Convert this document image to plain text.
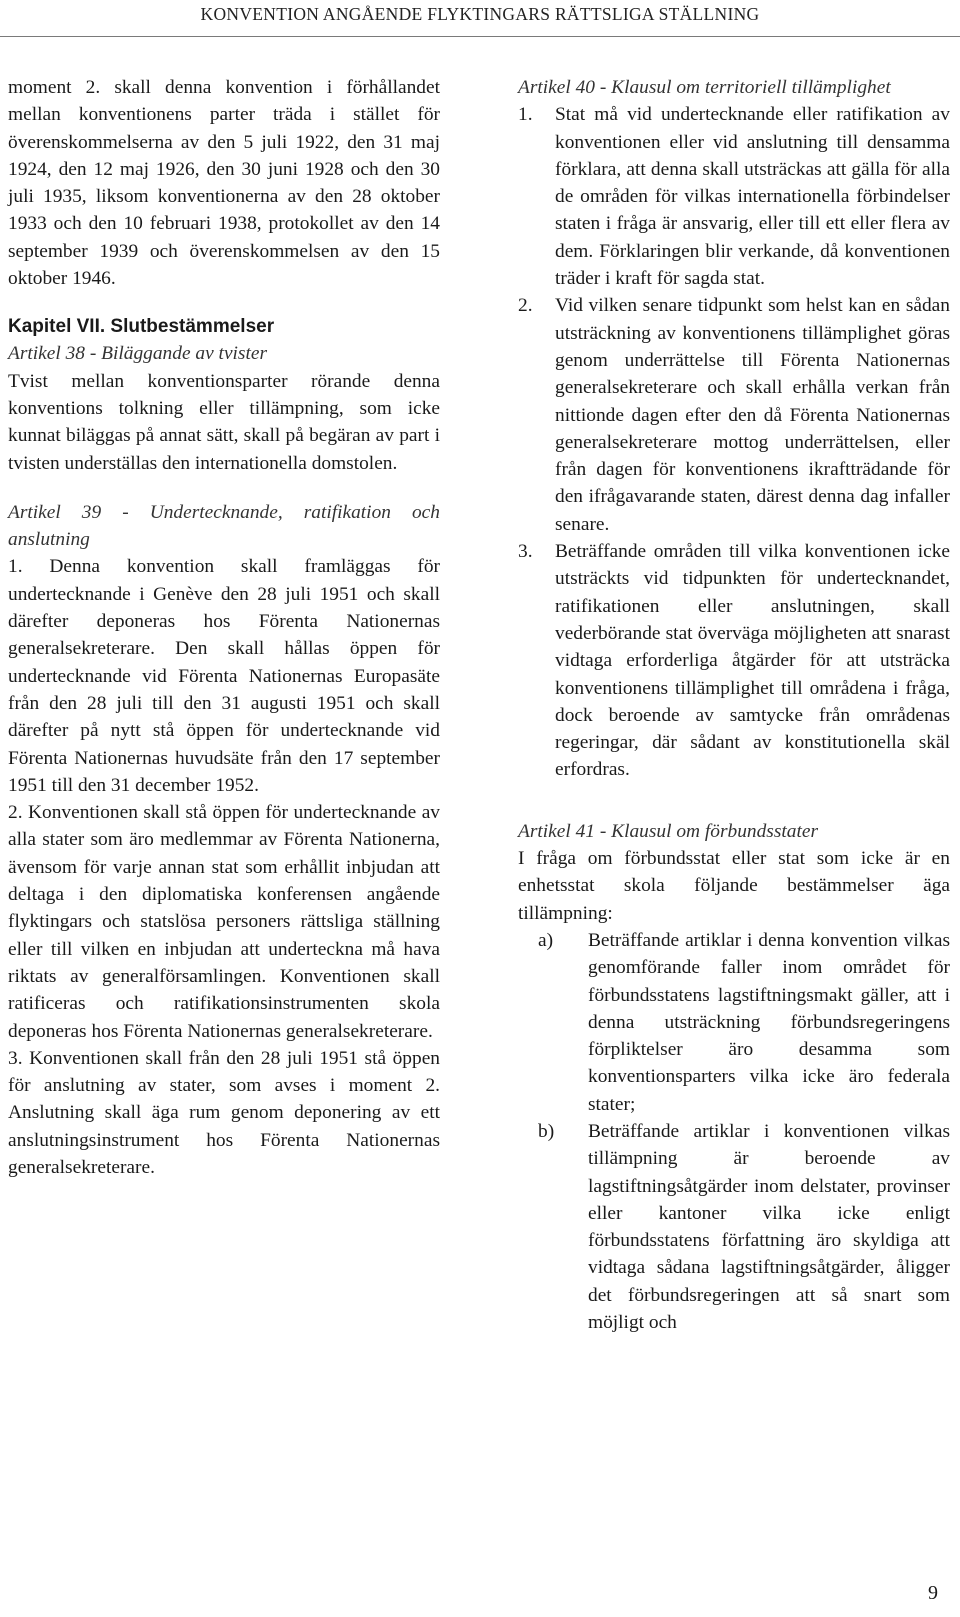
KONVENTION ANGÅENDE FLYKTINGARS RÄTTSLIGA STÄLLNING

moment 2. skall denna konvention i förhållandet mellan konventionens parter träda i stället för överenskommelserna av den 5 juli 1922, den 31 maj 1924, den 12 maj 1926, den 30 juni 1928 och den 30 juli 1935, liksom konventionerna av den 28 oktober 1933 och den 10 februari 1938, protokollet av den 14 september 1939 och överenskommelsen av den 15 oktober 1946.

Kapitel VII. Slutbestämmelser

Artikel 38 - Biläggande av tvister

Tvist mellan konventionsparter rörande denna konventions tolkning eller tillämpning, som icke kunnat biläggas på annat sätt, skall på begäran av part i tvisten underställas den internationella domstolen.

Artikel 39 - Undertecknande, ratifikation och anslutning

1. Denna konvention skall framläggas för undertecknande i Genève den 28 juli 1951 och skall därefter deponeras hos Förenta Nationernas generalsekreterare. Den skall hållas öppen för undertecknande vid Förenta Nationernas Europasäte från den 28 juli till den 31 augusti 1951 och skall därefter på nytt stå öppen för undertecknande vid Förenta Nationernas huvudsäte från den 17 september 1951 till den 31 december 1952.
2. Konventionen skall stå öppen för undertecknande av alla stater som äro medlemmar av Förenta Nationerna, ävensom för varje annan stat som erhållit inbjudan att deltaga i den diplomatiska konferensen angående flyktingars och statslösa personers rättsliga ställning eller till vilken en inbjudan att underteckna må hava riktats av generalförsamlingen. Konventionen skall ratificeras och ratifikationsinstrumenten skola deponeras hos Förenta Nationernas generalsekreterare.
3. Konventionen skall från den 28 juli 1951 stå öppen för anslutning av stater, som avses i moment 2. Anslutning skall äga rum genom deponering av ett anslutningsinstrument hos Förenta Nationernas generalsekreterare.

Artikel 40 - Klausul om territoriell tillämplighet

1.	Stat må vid undertecknande eller ratifikation av konventionen eller vid anslutning till densamma förklara, att denna skall utsträckas att gälla för alla de områden för vilkas internationella förbindelser staten i fråga är ansvarig, eller till ett eller flera av dem. Förklaringen blir verkande, då konventionen träder i kraft för sagda stat.
2.	Vid vilken senare tidpunkt som helst kan en sådan utsträckning av konventionens tillämplighet göras genom underrättelse till Förenta Nationernas generalsekreterare och skall erhålla verkan från nittionde dagen efter den då Förenta Nationernas generalsekreterare mottog underrättelsen, eller från dagen för konventionens ikraftträdande för den ifrågavarande staten, därest denna dag infaller senare.
3.	Beträffande områden till vilka konventionen icke utsträckts vid tidpunkten för undertecknandet, ratifikationen eller anslutningen, skall vederbörande stat överväga möjligheten att snarast vidtaga erforderliga åtgärder för att utsträcka konventionens tillämplighet till områdena i fråga, dock beroende av samtycke från områdenas regeringar, där sådant av konstitutionella skäl erfordras.

Artikel 41 - Klausul om förbundsstater

I fråga om förbundsstat eller stat som icke är en enhetsstat skola följande bestämmelser äga tillämpning:

a)	Beträffande artiklar i denna konvention vilkas genomförande faller inom området för förbundsstatens lagstiftningsmakt gäller, att i denna utsträckning förbundsregeringens förpliktelser äro desamma som konventionsparters vilka icke äro federala stater;
b)	Beträffande artiklar i konventionen vilkas tillämpning är beroende av lagstiftningsåtgärder inom delstater, provinser eller kantoner vilka icke enligt förbundsstatens författning äro skyldiga att vidtaga sådana lagstiftningsåtgärder, åligger det förbundsregeringen att så snart som möjligt och
9
